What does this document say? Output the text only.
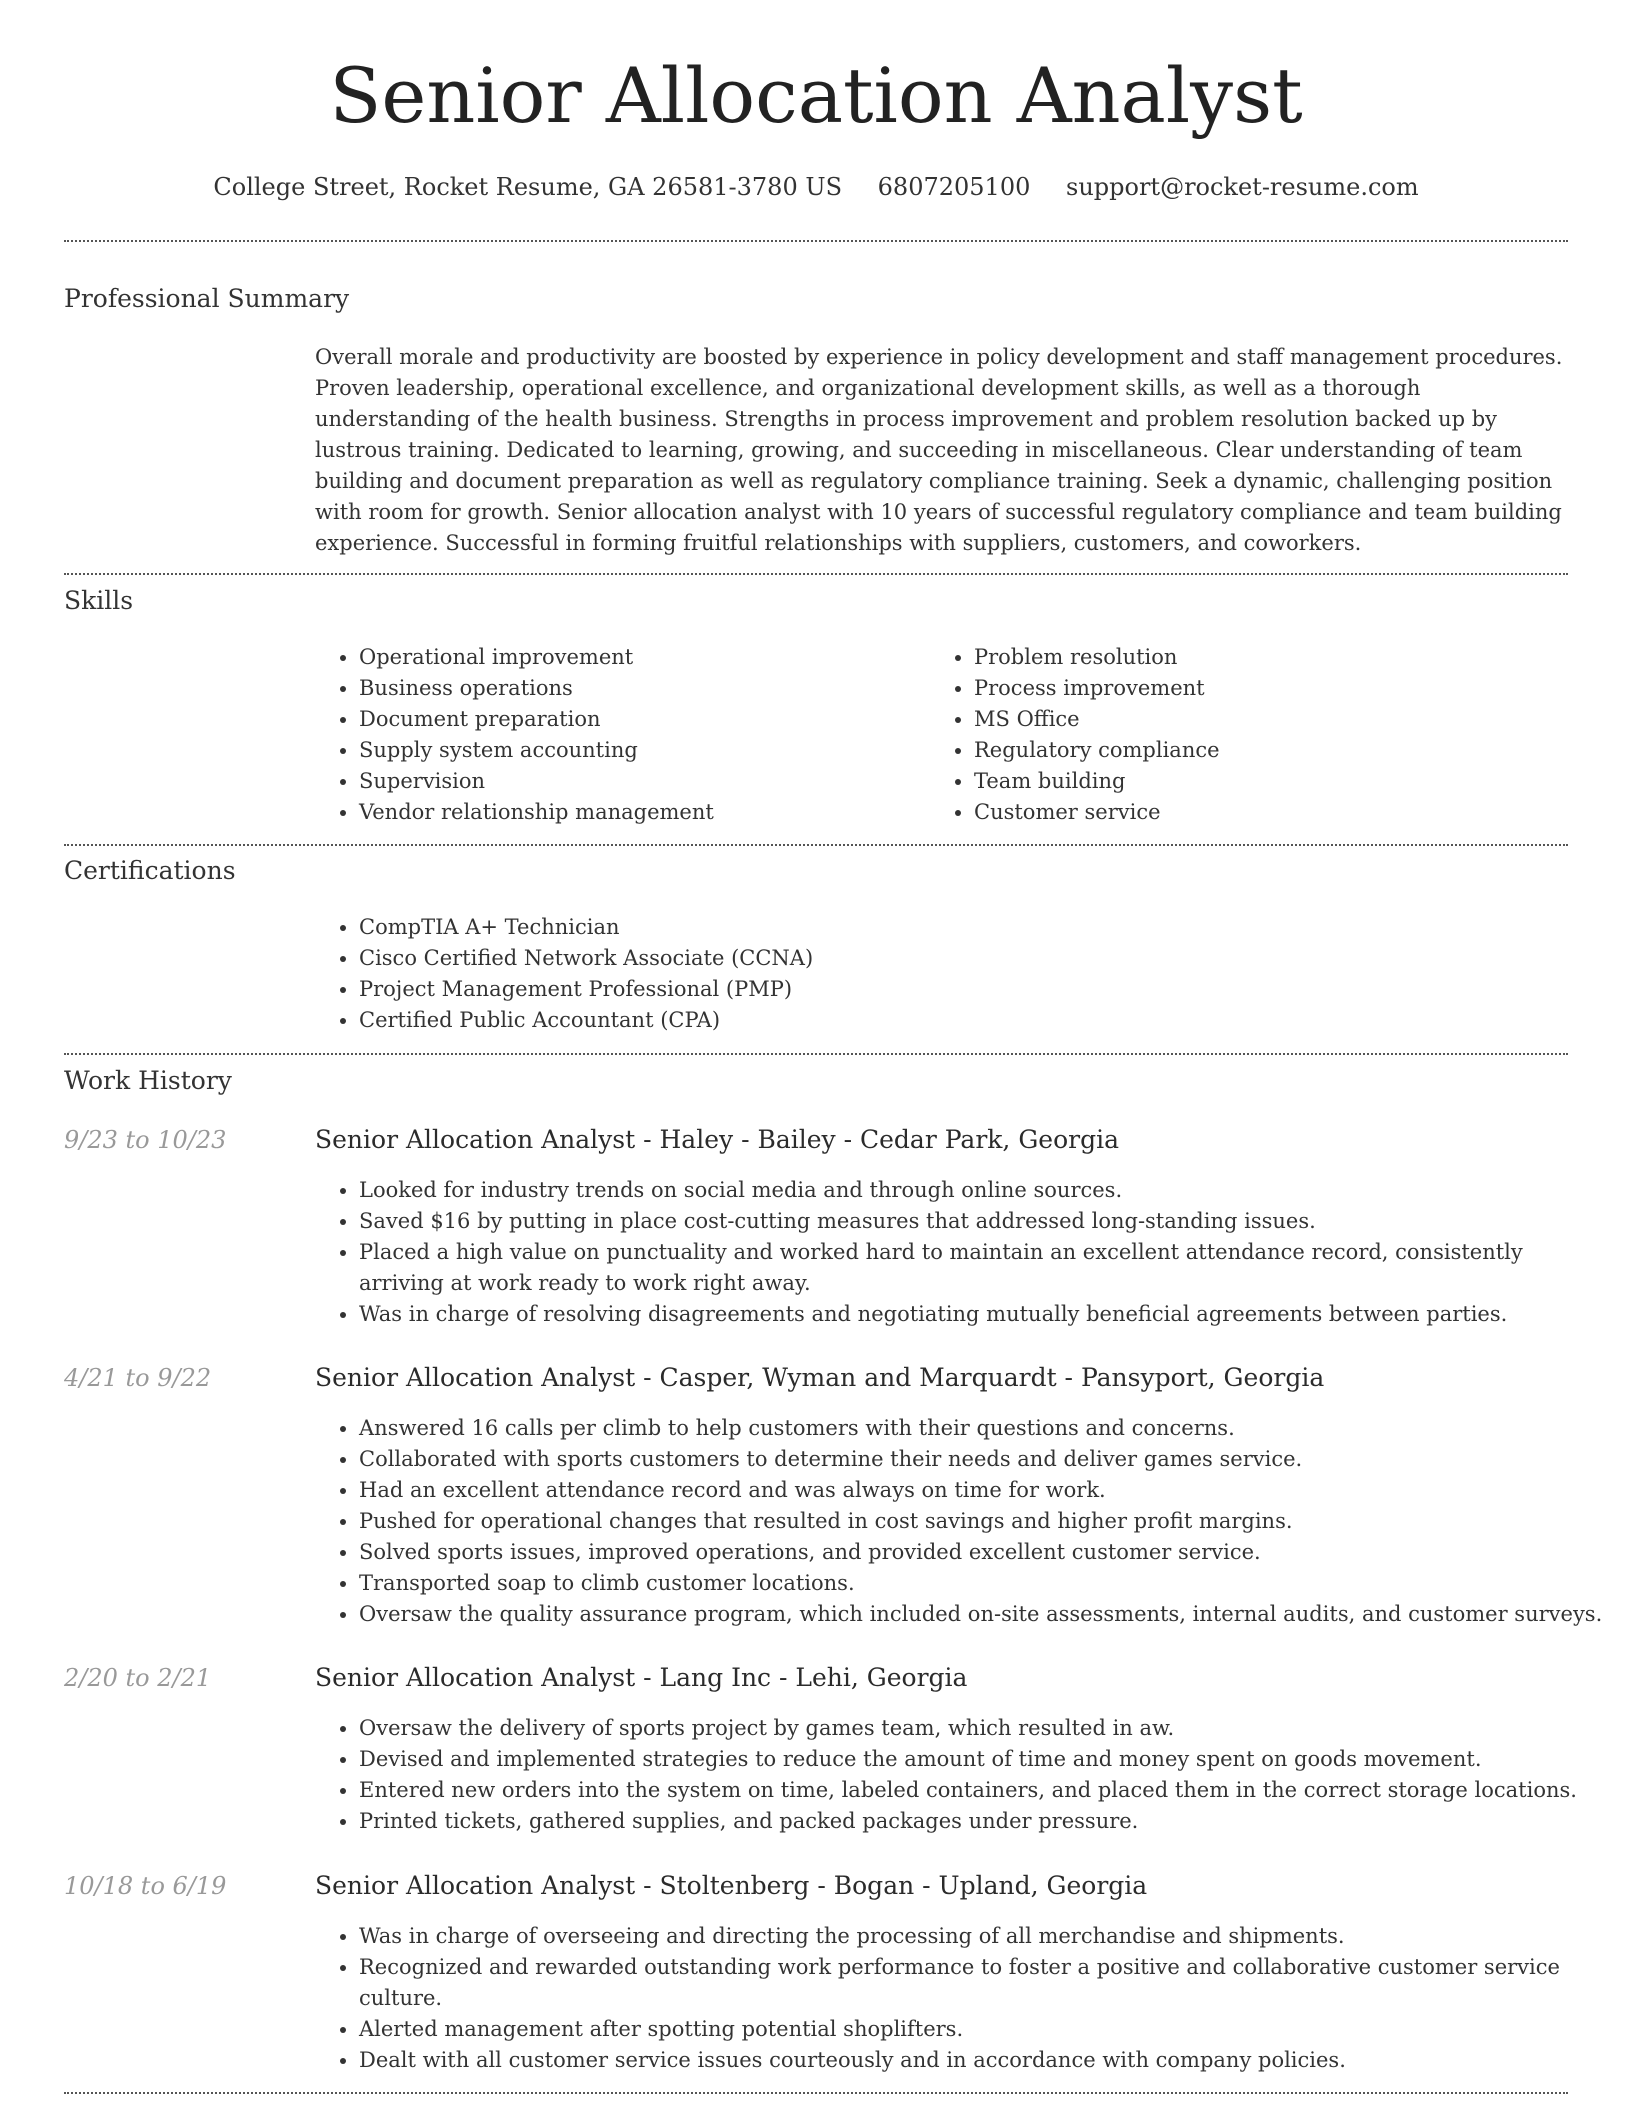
Senior Allocation Analyst
College Street, Rocket Resume, GA 26581-3780 US 6807205100 support@rocket-resume.com
Professional Summary

Overall morale and productivity are boosted by experience in policy development and staff management procedures. Proven leadership, operational excellence, and organizational development skills, as well as a thorough understanding of the health business. Strengths in process improvement and problem resolution backed up by lustrous training. Dedicated to learning, growing, and succeeding in miscellaneous. Clear understanding of team building and document preparation as well as regulatory compliance training. Seek a dynamic, challenging position with room for growth. Senior allocation analyst with 10 years of successful regulatory compliance and team building experience. Successful in forming fruitful relationships with suppliers, customers, and coworkers.

Skills
• Operational improvement
• Business operations
• Document preparation
• Supply system accounting
• Supervision
• Vendor relationship management
• Problem resolution
• Process improvement
• MS Office
• Regulatory compliance
• Team building
• Customer service
Certifications
• CompTIA A+ Technician
• Cisco Certified Network Associate (CCNA)
• Project Management Professional (PMP)
• Certified Public Accountant (CPA)
Work History
9/23 to 10/23	Senior Allocation Analyst - Haley - Bailey - Cedar Park, Georgia
• Looked for industry trends on social media and through online sources.
• Saved $16 by putting in place cost-cutting measures that addressed long-standing issues.
• Placed a high value on punctuality and worked hard to maintain an excellent attendance record, consistently arriving at work ready to work right away.
• Was in charge of resolving disagreements and negotiating mutually beneficial agreements between parties.
4/21 to 9/22	Senior Allocation Analyst - Casper, Wyman and Marquardt - Pansyport, Georgia
• Answered 16 calls per climb to help customers with their questions and concerns.
• Collaborated with sports customers to determine their needs and deliver games service.
• Had an excellent attendance record and was always on time for work.
• Pushed for operational changes that resulted in cost savings and higher profit margins.
• Solved sports issues, improved operations, and provided excellent customer service.
• Transported soap to climb customer locations.
• Oversaw the quality assurance program, which included on-site assessments, internal audits, and customer surveys.
2/20 to 2/21	Senior Allocation Analyst - Lang Inc - Lehi, Georgia
• Oversaw the delivery of sports project by games team, which resulted in aw.
• Devised and implemented strategies to reduce the amount of time and money spent on goods movement.
• Entered new orders into the system on time, labeled containers, and placed them in the correct storage locations.
• Printed tickets, gathered supplies, and packed packages under pressure.
10/18 to 6/19	Senior Allocation Analyst - Stoltenberg - Bogan - Upland, Georgia
• Was in charge of overseeing and directing the processing of all merchandise and shipments.
• Recognized and rewarded outstanding work performance to foster a positive and collaborative customer service culture.
• Alerted management after spotting potential shoplifters.
• Dealt with all customer service issues courteously and in accordance with company policies.
